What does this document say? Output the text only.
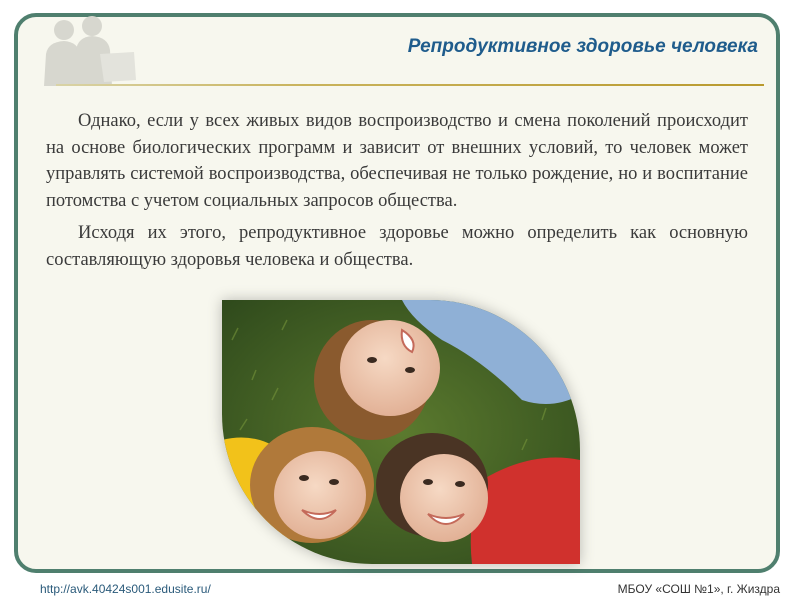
Репродуктивное здоровье человека

Однако, если у всех живых видов воспроизводство и смена поколений происходит на основе биологических программ и зависит от внешних условий, то человек может управлять системой воспроизводства, обеспечивая не только рождение, но и воспитание потомства с учетом социальных запросов общества.

Исходя их этого, репродуктивное здоровье можно определить как основную составляющую здоровья человека и общества.

http://avk.40424s001.edusite.ru/	МБОУ «СОШ №1», г. Жиздра
